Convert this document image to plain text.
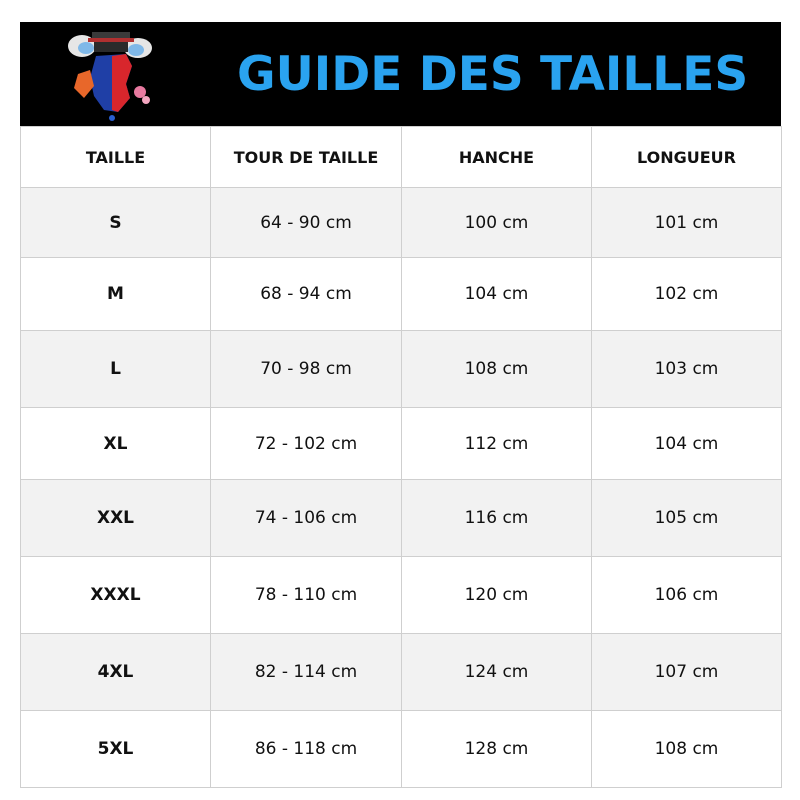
GUIDE DES TAILLES
TAILLE	TOUR DE TAILLE	HANCHE	LONGUEUR
S	64 - 90 cm	100 cm	101 cm
M	68 - 94 cm	104 cm	102 cm
L	70 - 98 cm	108 cm	103 cm
XL	72 - 102 cm	112 cm	104 cm
XXL	74 - 106 cm	116 cm	105 cm
XXXL	78 - 110 cm	120 cm	106 cm
4XL	82 - 114 cm	124 cm	107 cm
5XL	86 - 118 cm	128 cm	108 cm
